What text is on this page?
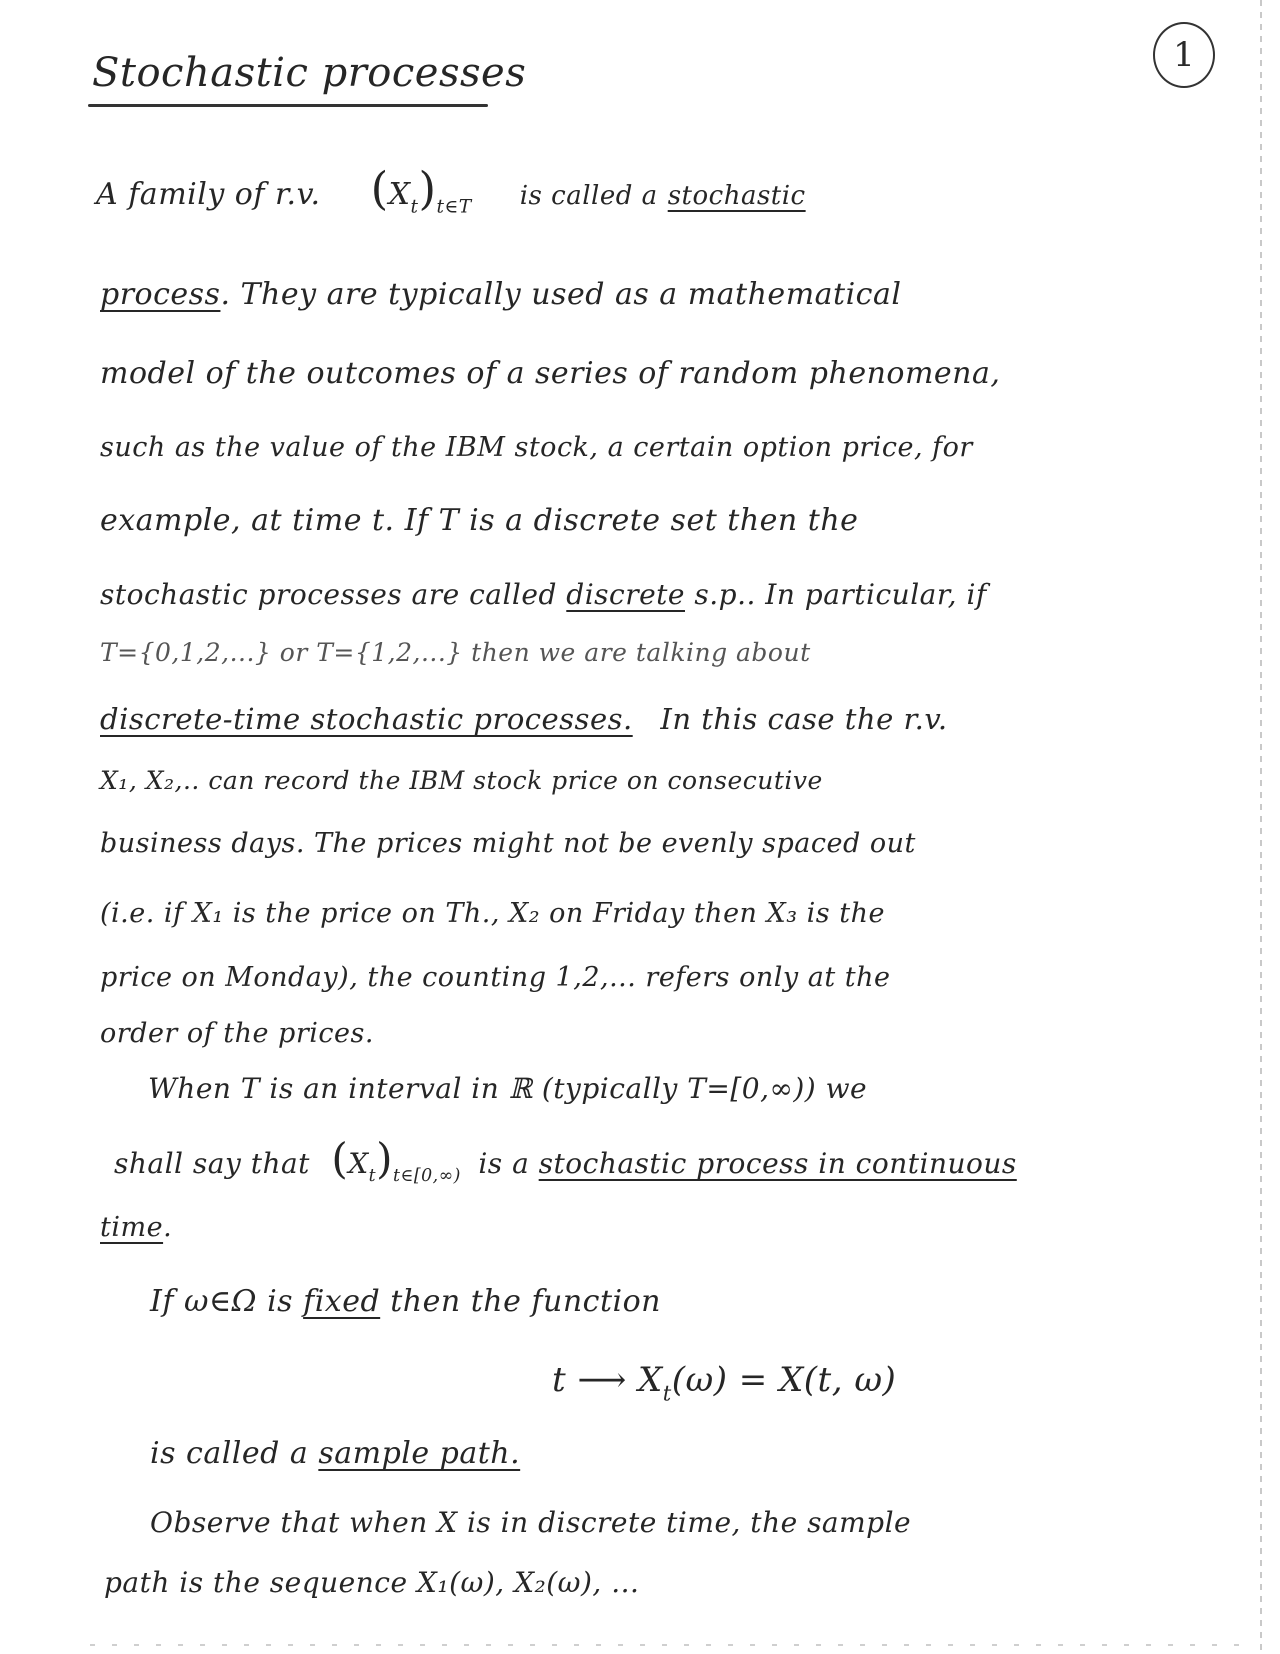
Stochastic processes	1
A family of r.v. $(X_t)_{t\in T}$ is called a stochastic
process. They are typically used as a mathematical
model of the outcomes of a series of random phenomena,
such as the value of the IBM stock, a certain option price, for
example, at time t. If T is a discrete set then the
stochastic processes are called discrete s.p.. In particular, if
T={0,1,2,...} or T={1,2,...} then we are talking about
discrete-time stochastic processes. In this case the r.v.
X₁, X₂,.. can record the IBM stock price on consecutive
business days. The prices might not be evenly spaced out
(i.e. if X₁ is the price on Th., X₂ on Friday then X₃ is the
price on Monday), the counting 1,2,... refers only at the
order of the prices.
When T is an interval in ℝ (typically T=[0,∞)) we
shall say that $(X_t)_{t\in[0,\infty)}$ is a stochastic process in continuous
time.
If ω∈Ω is fixed then the function
t ⟶ $X_t(\omega) = X(t$, ω)
is called a sample path.
Observe that when X is in discrete time, the sample
path is the sequence X₁(ω), X₂(ω), ...
